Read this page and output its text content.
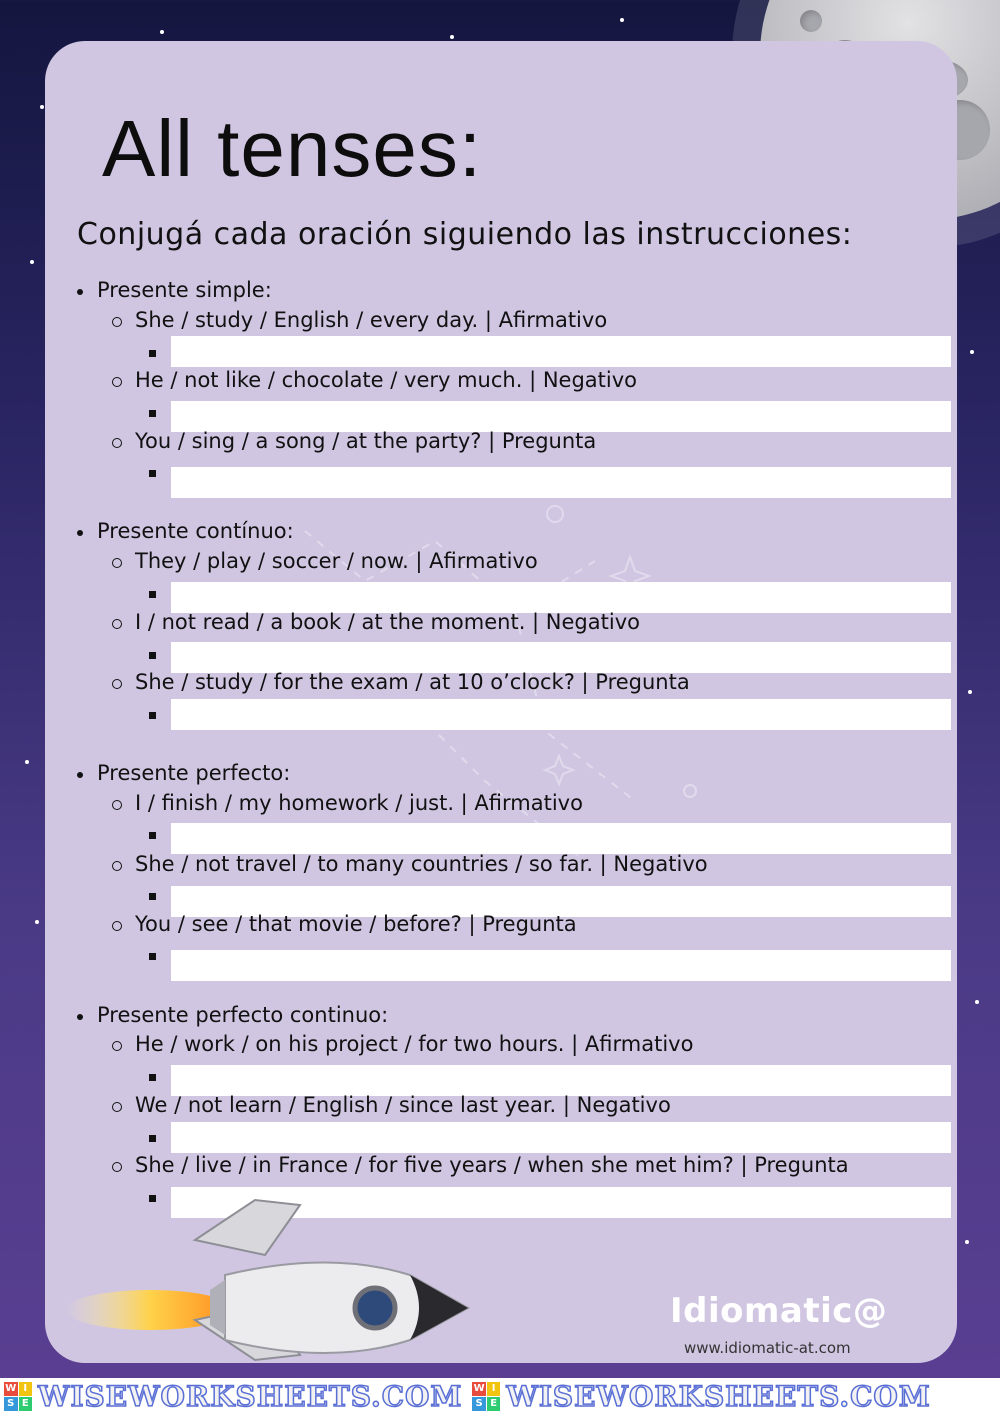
All tenses:
Conjugá cada oración siguiendo las instrucciones:
Presente simple:
She / study / English / every day. | Afirmativo
He / not like / chocolate / very much. | Negativo
You / sing / a song / at the party? | Pregunta
Presente contínuo:
They / play / soccer / now. | Afirmativo
I / not read / a book / at the moment. | Negativo
She / study / for the exam / at 10 o’clock? | Pregunta
Presente perfecto:
I / finish / my homework / just. | Afirmativo
She / not travel / to many countries / so far. | Negativo
You / see / that movie / before? | Pregunta
Presente perfecto continuo:
He / work / on his project / for two hours. | Afirmativo
We / not learn / English / since last year. | Negativo
She / live / in France / for five years / when she met him? | Pregunta
Idiomatic@
www.idiomatic-at.com
W I
S E WISEWORKSHEETS.COM W I
S E WISEWORKSHEETS.COM
